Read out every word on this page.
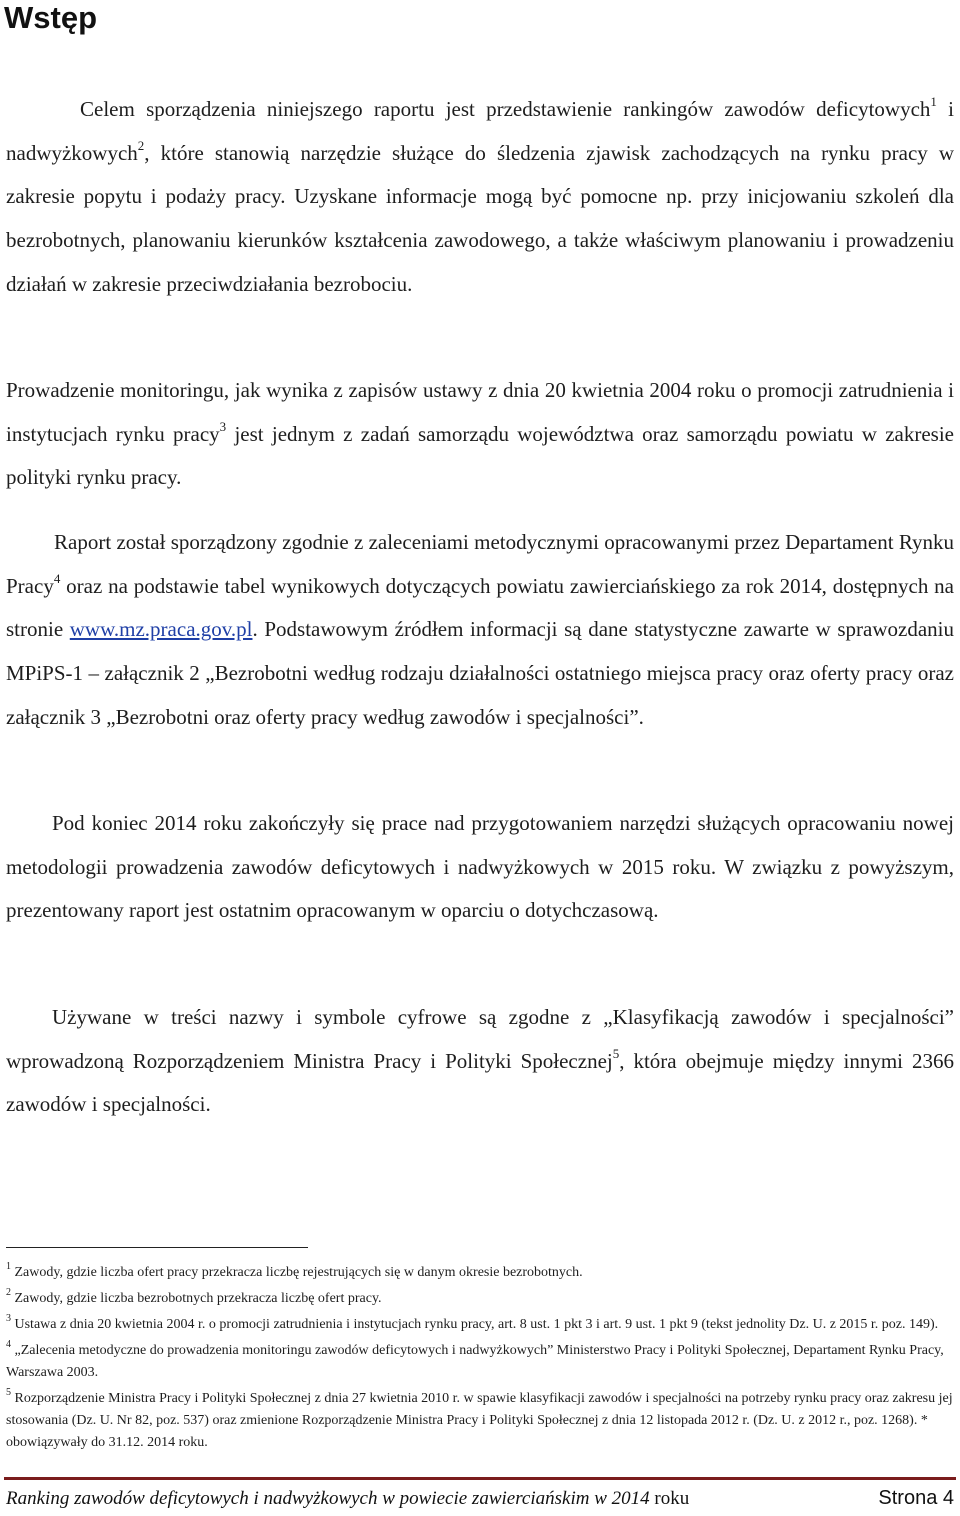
Wstęp

Celem sporządzenia niniejszego raportu jest przedstawienie rankingów zawodów deficytowych$^1$ i nadwyżkowych$^2$, które stanowią narzędzie służące do śledzenia zjawisk zachodzących na rynku pracy w zakresie popytu i podaży pracy. Uzyskane informacje mogą być pomocne np. przy inicjowaniu szkoleń dla bezrobotnych, planowaniu kierunków kształcenia zawodowego, a także właściwym planowaniu i prowadzeniu działań w zakresie przeciwdziałania bezrobociu.

Prowadzenie monitoringu, jak wynika z zapisów ustawy z dnia 20 kwietnia 2004 roku o promocji zatrudnienia i instytucjach rynku pracy$^3$ jest jednym z zadań samorządu województwa oraz samorządu powiatu w zakresie polityki rynku pracy.

Raport został sporządzony zgodnie z zaleceniami metodycznymi opracowanymi przez Departament Rynku Pracy$^4$ oraz na podstawie tabel wynikowych dotyczących powiatu zawierciańskiego za rok 2014, dostępnych na stronie www.mz.praca.gov.pl. Podstawowym źródłem informacji są dane statystyczne zawarte w sprawozdaniu MPiPS-1 – załącznik 2 „Bezrobotni według rodzaju działalności ostatniego miejsca pracy oraz oferty pracy oraz załącznik 3 „Bezrobotni oraz oferty pracy według zawodów i specjalności”.

Pod koniec 2014 roku zakończyły się prace nad przygotowaniem narzędzi służących opracowaniu nowej metodologii prowadzenia zawodów deficytowych i nadwyżkowych w 2015 roku. W związku z powyższym, prezentowany raport jest ostatnim opracowanym w oparciu o dotychczasową.

Używane w treści nazwy i symbole cyfrowe są zgodne z „Klasyfikacją zawodów i specjalności” wprowadzoną Rozporządzeniem Ministra Pracy i Polityki Społecznej$^5$, która obejmuje między innymi 2366 zawodów i specjalności.

$^1$ Zawody, gdzie liczba ofert pracy przekracza liczbę rejestrujących się w danym okresie bezrobotnych.

$^2$ Zawody, gdzie liczba bezrobotnych przekracza liczbę ofert pracy.

$^3$ Ustawa z dnia 20 kwietnia 2004 r. o promocji zatrudnienia i instytucjach rynku pracy, art. 8 ust. 1 pkt 3 i art. 9 ust. 1 pkt 9 (tekst jednolity Dz. U. z 2015 r. poz. 149).

$^4$ „Zalecenia metodyczne do prowadzenia monitoringu zawodów deficytowych i nadwyżkowych” Ministerstwo Pracy i Polityki Społecznej, Departament Rynku Pracy, Warszawa 2003.

$^5$ Rozporządzenie Ministra Pracy i Polityki Społecznej z dnia 27 kwietnia 2010 r. w spawie klasyfikacji zawodów i specjalności na potrzeby rynku pracy oraz zakresu jej stosowania (Dz. U. Nr 82, poz. 537) oraz zmienione Rozporządzenie Ministra Pracy i Polityki Społecznej z dnia 12 listopada 2012 r. (Dz. U. z 2012 r., poz. 1268). * obowiązywały do 31.12. 2014 roku.

Ranking zawodów deficytowych i nadwyżkowych w powiecie zawierciańskim w 2014 roku	Strona 4
